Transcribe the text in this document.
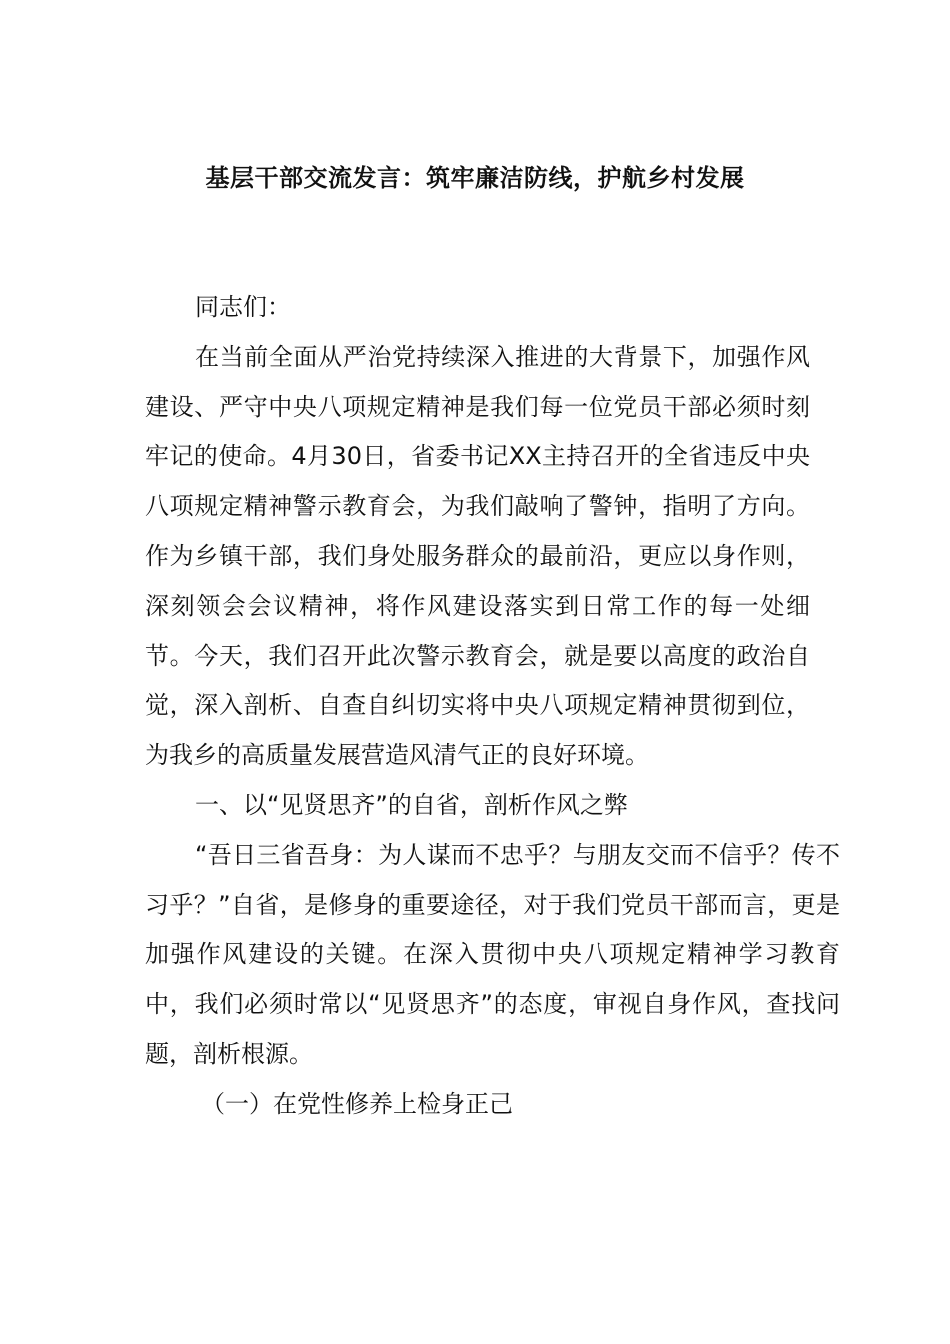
基层干部交流发言：筑牢廉洁防线，护航乡村发展

同志们：

在当前全面从严治党持续深入推进的大背景下，加强作风建设、严守中央八项规定精神是我们每一位党员干部必须时刻牢记的使命。4月30日，省委书记XX主持召开的全省违反中央八项规定精神警示教育会，为我们敲响了警钟，指明了方向。作为乡镇干部，我们身处服务群众的最前沿，更应以身作则，深刻领会会议精神，将作风建设落实到日常工作的每一处细节。今天，我们召开此次警示教育会，就是要以高度的政治自觉，深入剖析、自查自纠切实将中央八项规定精神贯彻到位，为我乡的高质量发展营造风清气正的良好环境。

一、以“见贤思齐”的自省，剖析作风之弊

“吾日三省吾身：为人谋而不忠乎？与朋友交而不信乎？传不习乎？”自省，是修身的重要途径，对于我们党员干部而言，更是加强作风建设的关键。在深入贯彻中央八项规定精神学习教育中，我们必须时常以“见贤思齐”的态度，审视自身作风，查找问题，剖析根源。

（一）在党性修养上检身正己
